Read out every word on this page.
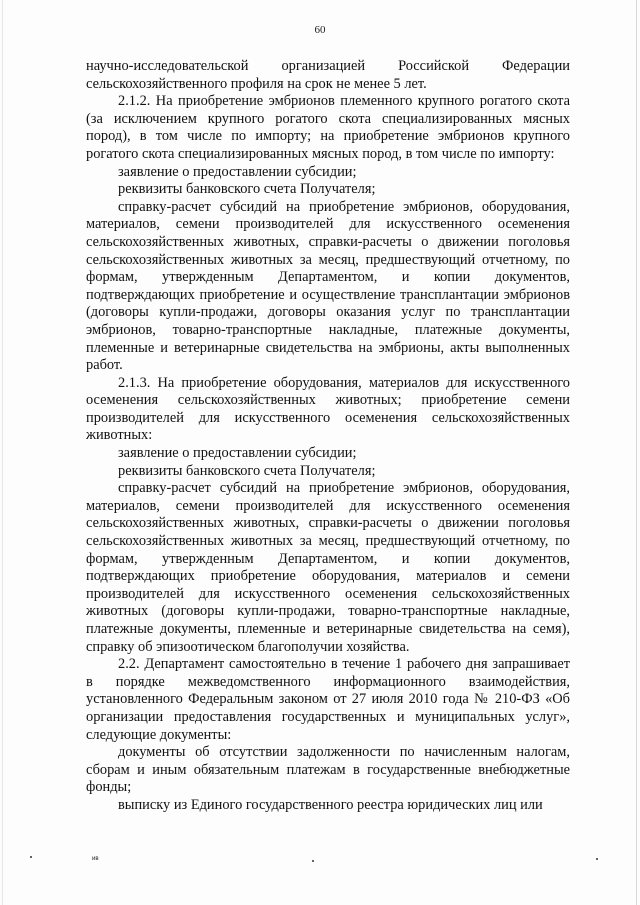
60

научно-исследовательской организацией Российской Федерации сельскохозяйственного профиля на срок не менее 5 лет.

2.1.2. На приобретение эмбрионов племенного крупного рогатого скота (за исключением крупного рогатого скота специализированных мясных пород), в том числе по импорту; на приобретение эмбрионов крупного рогатого скота специализированных мясных пород, в том числе по импорту:

заявление о предоставлении субсидии;

реквизиты банковского счета Получателя;

справку-расчет субсидий на приобретение эмбрионов, оборудования, материалов, семени производителей для искусственного осеменения сельскохозяйственных животных, справки-расчеты о движении поголовья сельскохозяйственных животных за месяц, предшествующий отчетному, по формам, утвержденным Департаментом, и копии документов, подтверждающих приобретение и осуществление трансплантации эмбрионов (договоры купли-продажи, договоры оказания услуг по трансплантации эмбрионов, товарно-транспортные накладные, платежные документы, племенные и ветеринарные свидетельства на эмбрионы, акты выполненных работ.

2.1.3. На приобретение оборудования, материалов для искусственного осеменения сельскохозяйственных животных; приобретение семени производителей для искусственного осеменения сельскохозяйственных животных:

заявление о предоставлении субсидии;

реквизиты банковского счета Получателя;

справку-расчет субсидий на приобретение эмбрионов, оборудования, материалов, семени производителей для искусственного осеменения сельскохозяйственных животных, справки-расчеты о движении поголовья сельскохозяйственных животных за месяц, предшествующий отчетному, по формам, утвержденным Департаментом, и копии документов, подтверждающих приобретение оборудования, материалов и семени производителей для искусственного осеменения сельскохозяйственных животных (договоры купли-продажи, товарно-транспортные накладные, платежные документы, племенные и ветеринарные свидетельства на семя), справку об эпизоотическом благополучии хозяйства.

2.2. Департамент самостоятельно в течение 1 рабочего дня запрашивает в порядке межведомственного информационного взаимодействия, установленного Федеральным законом от 27 июля 2010 года № 210-ФЗ «Об организации предоставления государственных и муниципальных услуг», следующие документы:

документы об отсутствии задолженности по начисленным налогам, сборам и иным обязательным платежам в государственные внебюджетные фонды;

выписку из Единого государственного реестра юридических лиц или

ив
